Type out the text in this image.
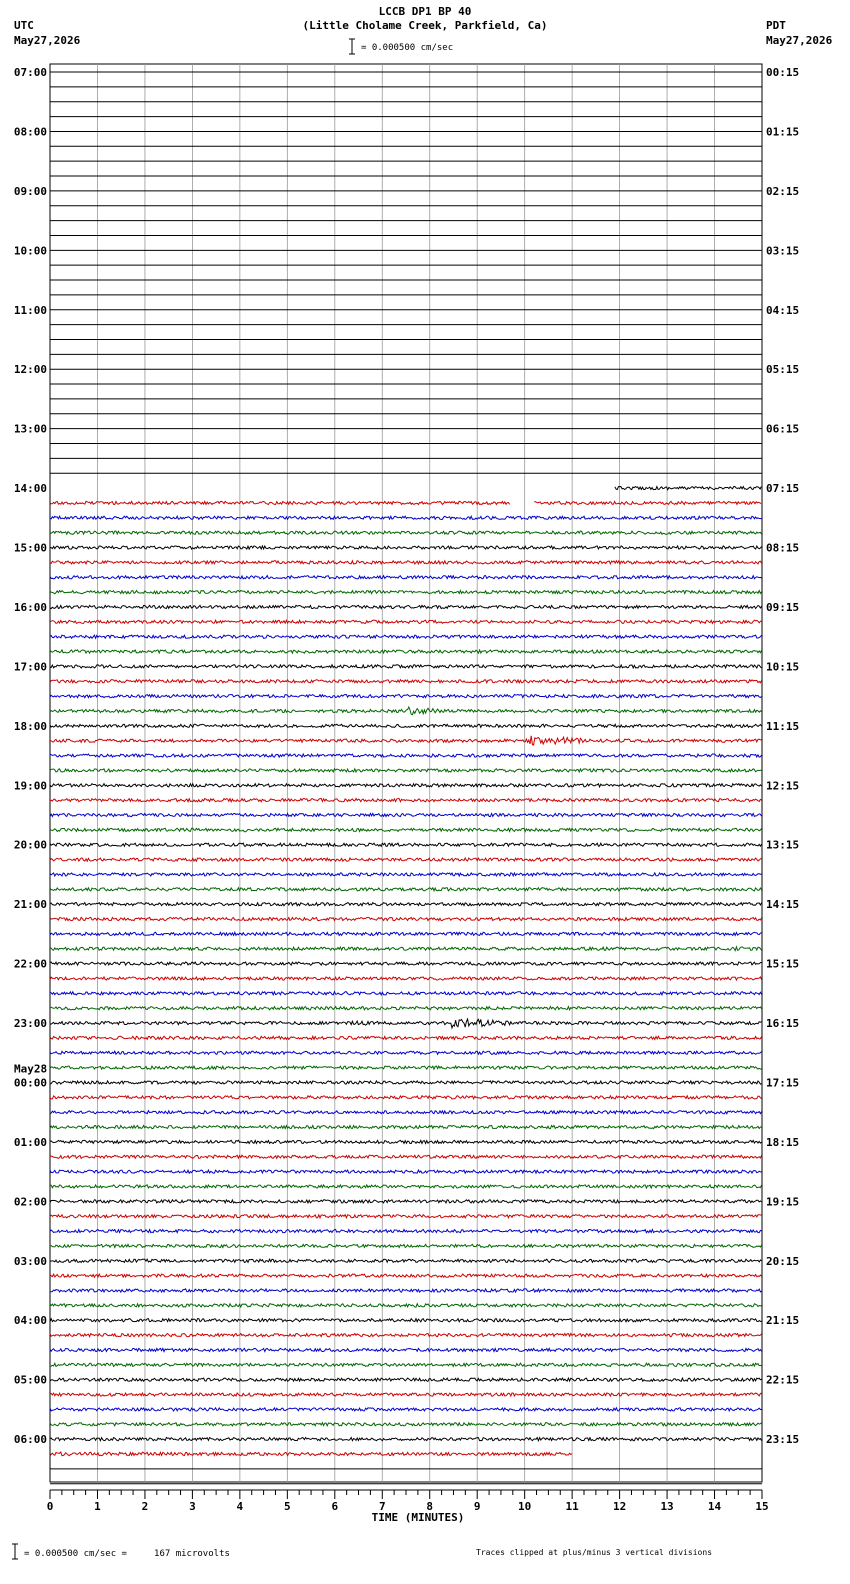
LCCB DP1 BP 40
(Little Cholame Creek, Parkfield, Ca)
UTC
May27,2026
PDT
May27,2026
= 0.000500 cm/sec
07:00	00:15
08:00	01:15
09:00	02:15
10:00	03:15
11:00	04:15
12:00	05:15
13:00	06:15
14:00	07:15
15:00	08:15
16:00	09:15
17:00	10:15
18:00	11:15
19:00	12:15
20:00	13:15
21:00	14:15
22:00	15:15
23:00	16:15
00:00	17:15
01:00	18:15
02:00	19:15
03:00	20:15
04:00	21:15
05:00	22:15
06:00	23:15
May28
0	1	2	3	4	5	6	7	8	9	10	11	12	13	14	15
TIME (MINUTES)
= 0.000500 cm/sec =     167 microvolts	Traces clipped at plus/minus 3 vertical divisions
